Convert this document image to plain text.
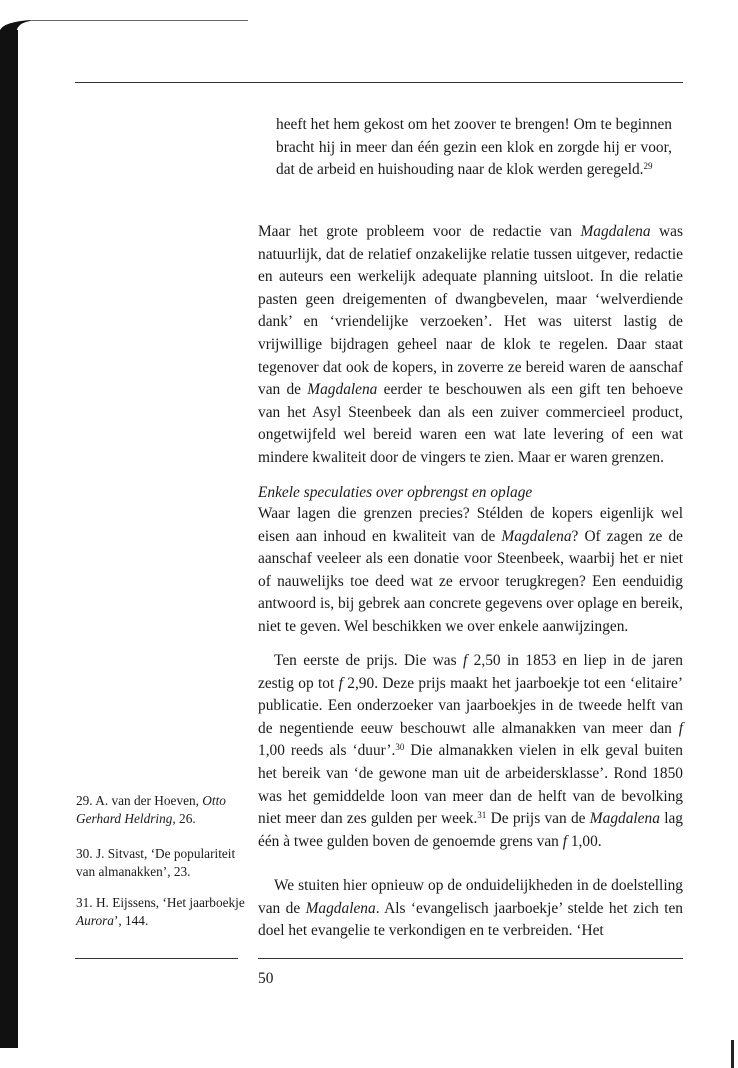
heeft het hem gekost om het zoover te brengen! Om te beginnen bracht hij in meer dan één gezin een klok en zorgde hij er voor, dat de arbeid en huishouding naar de klok werden geregeld.$^{29}$

Maar het grote probleem voor de redactie van Magdalena was natuurlijk, dat de relatief onzakelijke relatie tussen uitgever, redactie en auteurs een werkelijk adequate planning uitsloot. In die relatie pasten geen dreigementen of dwangbevelen, maar ‘welverdiende dank’ en ‘vriendelijke verzoeken’. Het was uiterst lastig de vrijwillige bijdragen geheel naar de klok te regelen. Daar staat tegenover dat ook de kopers, in zoverre ze bereid waren de aanschaf van de Magdalena eerder te beschouwen als een gift ten behoeve van het Asyl Steenbeek dan als een zuiver commercieel product, ongetwijfeld wel bereid waren een wat late levering of een wat mindere kwaliteit door de vingers te zien. Maar er waren grenzen.

Enkele speculaties over opbrengst en oplage

Waar lagen die grenzen precies? Stélden de kopers eigenlijk wel eisen aan inhoud en kwaliteit van de Magdalena? Of zagen ze de aanschaf veeleer als een donatie voor Steenbeek, waarbij het er niet of nauwelijks toe deed wat ze ervoor terugkregen? Een eenduidig antwoord is, bij gebrek aan concrete gegevens over oplage en bereik, niet te geven. Wel beschikken we over enkele aanwijzingen.

Ten eerste de prijs. Die was f 2,50 in 1853 en liep in de jaren zestig op tot f 2,90. Deze prijs maakt het jaarboekje tot een ‘elitaire’ publicatie. Een onderzoeker van jaarboekjes in de tweede helft van de negentiende eeuw beschouwt alle almanakken van meer dan f 1,00 reeds als ‘duur’.$^{30}$ Die almanakken vielen in elk geval buiten het bereik van ‘de gewone man uit de arbeidersklasse’. Rond 1850 was het gemiddelde loon van meer dan de helft van de bevolking niet meer dan zes gulden per week.$^{31}$ De prijs van de Magdalena lag één à twee gulden boven de genoemde grens van f 1,00.

We stuiten hier opnieuw op de onduidelijkheden in de doelstelling van de Magdalena. Als ‘evangelisch jaarboekje’ stelde het zich ten doel het evangelie te verkondigen en te verbreiden. ‘Het

29. A. van der Hoeven, Otto Gerhard Heldring, 26.

30. J. Sitvast, ‘De populariteit van almanakken’, 23.

31. H. Eijssens, ‘Het jaarboekje Aurora’, 144.

50
